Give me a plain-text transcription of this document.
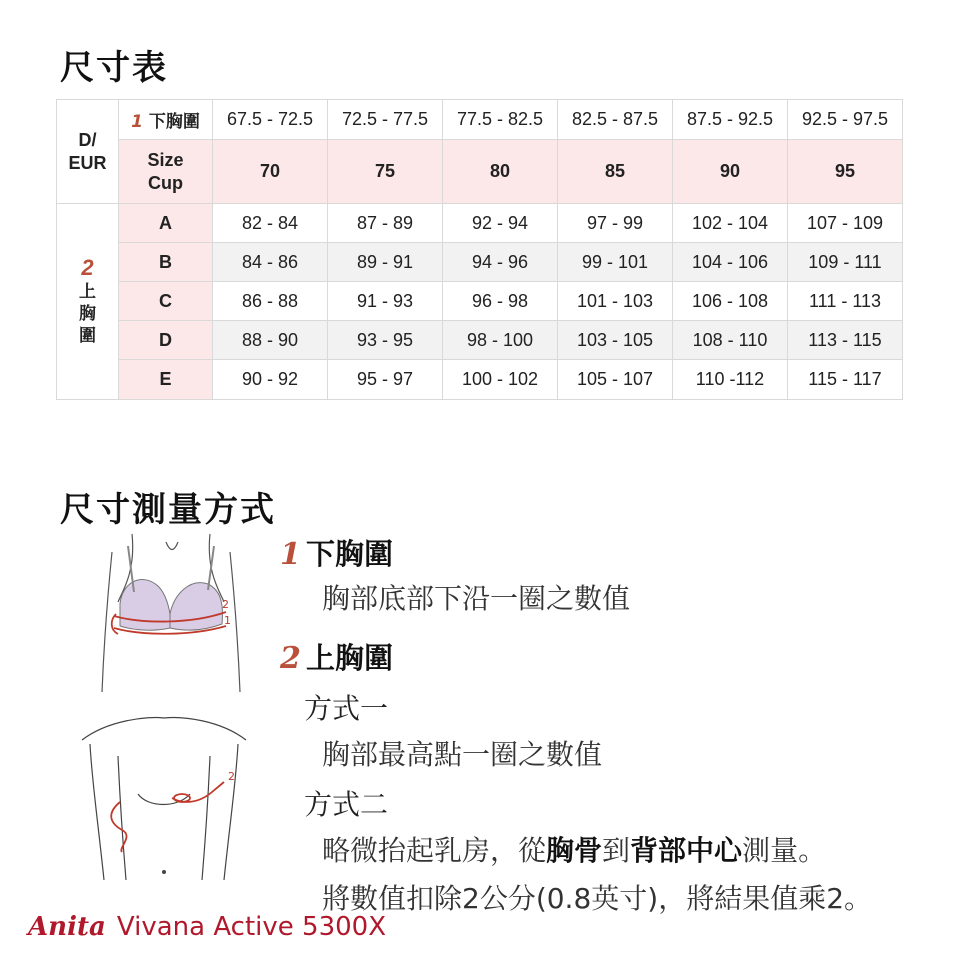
尺寸表
D/
EUR	1 下胸圍	67.5 - 72.5	72.5 - 77.5	77.5 - 82.5	82.5 - 87.5	87.5 - 92.5	92.5 - 97.5
	Size
Cup	70	75	80	85	90	95
2
上
胸
圍	A	82 - 84	87 - 89	92 - 94	97 - 99	102 - 104	107 - 109
	B	84 - 86	89 - 91	94 - 96	99 - 101	104 - 106	109 - 111
	C	86 - 88	91 - 93	96 - 98	101 - 103	106 - 108	111 - 113
	D	88 - 90	93 - 95	98 - 100	103 - 105	108 - 110	113 - 115
	E	90 - 92	95 - 97	100 - 102	105 - 107	110 -112	115 - 117
尺寸測量方式
2
1
2
1 下胸圍
胸部底部下沿一圈之數值
2 上胸圍
方式一
胸部最高點一圈之數值
方式二
略微抬起乳房，從胸骨到背部中心測量。
將數值扣除2公分(0.8英寸)，將結果值乘2。
Anita Vivana Active 5300X
